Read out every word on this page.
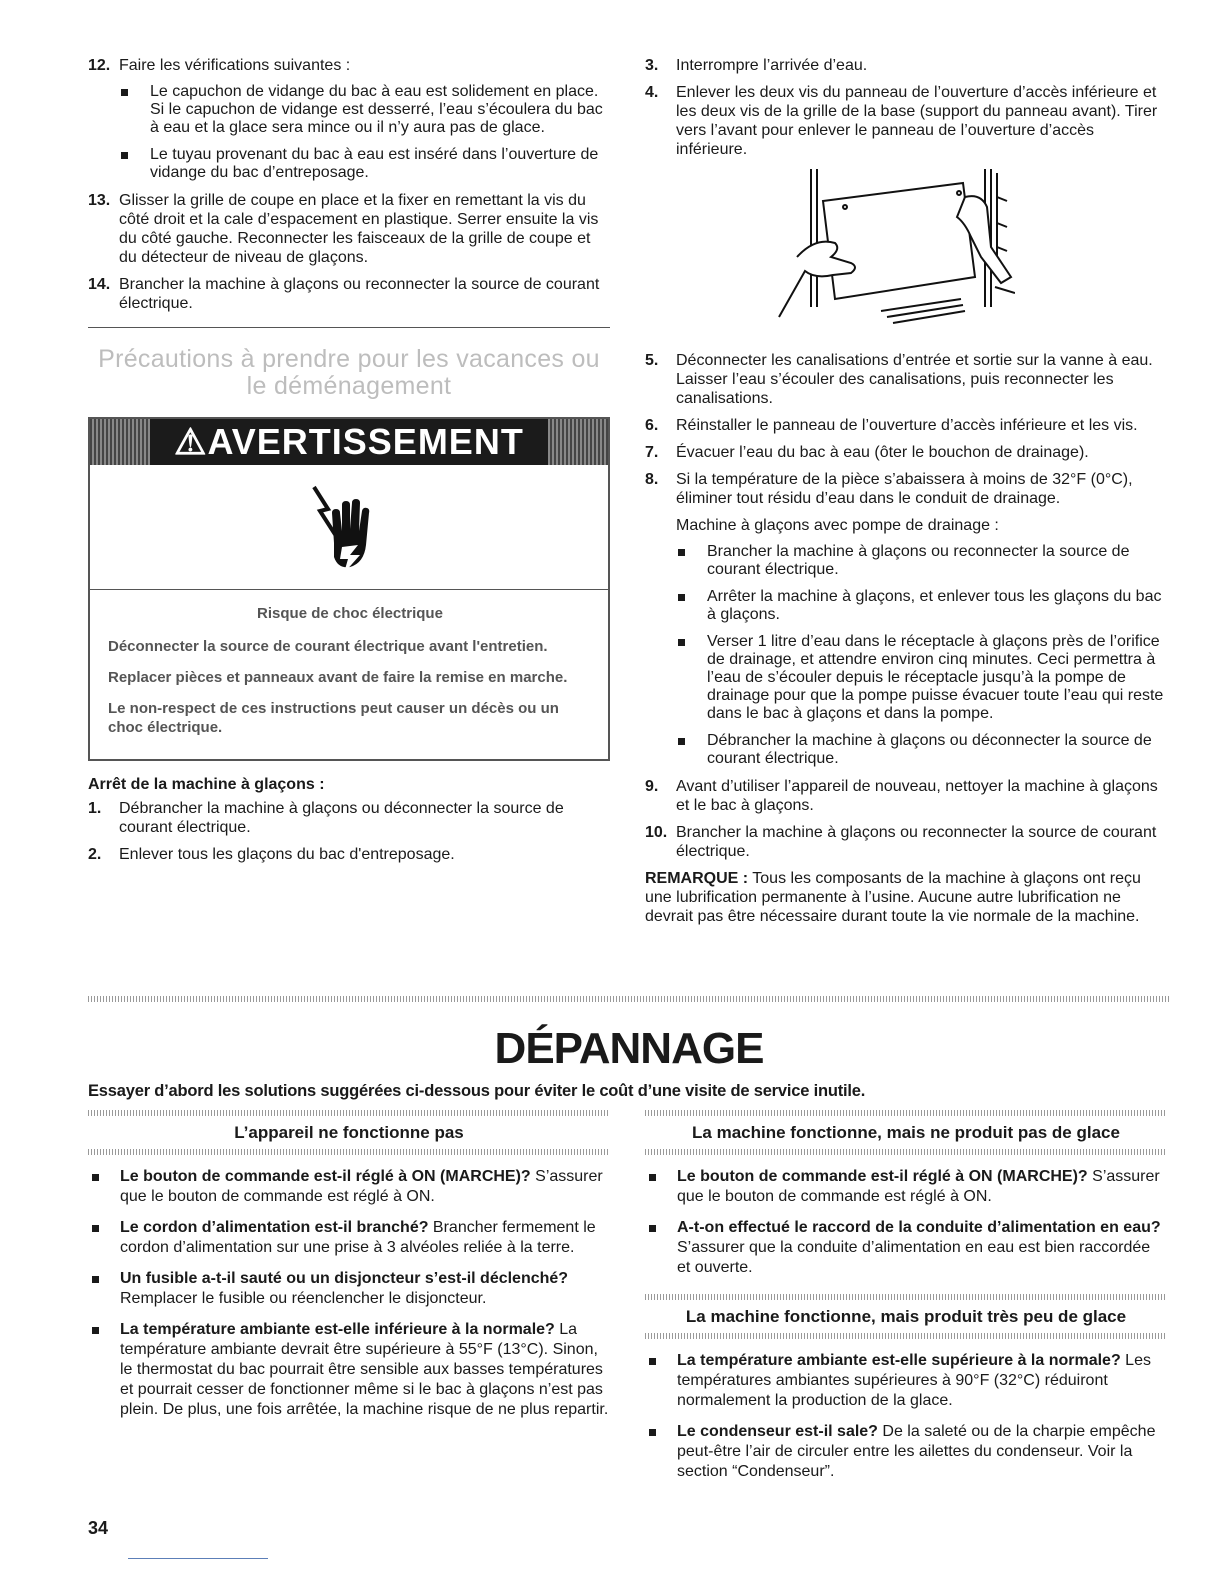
12. Faire les vérifications suivantes :
Le capuchon de vidange du bac à eau est solidement en place. Si le capuchon de vidange est desserré, l’eau s’écoulera du bac à eau et la glace sera mince ou il n’y aura pas de glace.
Le tuyau provenant du bac à eau est inséré dans l’ouverture de vidange du bac d’entreposage.
13. Glisser la grille de coupe en place et la fixer en remettant la vis du côté droit et la cale d’espacement en plastique. Serrer ensuite la vis du côté gauche. Reconnecter les faisceaux de la grille de coupe et du détecteur de niveau de glaçons.
14. Brancher la machine à glaçons ou reconnecter la source de courant électrique.
Précautions à prendre pour les vacances ou le déménagement
⚠AVERTISSEMENT
Risque de choc électrique
Déconnecter la source de courant électrique avant l'entretien.
Replacer pièces et panneaux avant de faire la remise en marche.
Le non-respect de ces instructions peut causer un décès ou un choc électrique.
Arrêt de la machine à glaçons :
1. Débrancher la machine à glaçons ou déconnecter la source de courant électrique.
2. Enlever tous les glaçons du bac d'entreposage.
3. Interrompre l’arrivée d’eau.
4. Enlever les deux vis du panneau de l’ouverture d’accès inférieure et les deux vis de la grille de la base (support du panneau avant). Tirer vers l’avant pour enlever le panneau de l’ouverture d’accès inférieure.
5. Déconnecter les canalisations d’entrée et sortie sur la vanne à eau. Laisser l’eau s’écouler des canalisations, puis reconnecter les canalisations.
6. Réinstaller le panneau de l’ouverture d’accès inférieure et les vis.
7. Évacuer l’eau du bac à eau (ôter le bouchon de drainage).
8. Si la température de la pièce s’abaissera à moins de 32°F (0°C), éliminer tout résidu d’eau dans le conduit de drainage.
Machine à glaçons avec pompe de drainage :
Brancher la machine à glaçons ou reconnecter la source de courant électrique.
Arrêter la machine à glaçons, et enlever tous les glaçons du bac à glaçons.
Verser 1 litre d’eau dans le réceptacle à glaçons près de l’orifice de drainage, et attendre environ cinq minutes. Ceci permettra à l’eau de s’écouler depuis le réceptacle jusqu’à la pompe de drainage pour que la pompe puisse évacuer toute l’eau qui reste dans le bac à glaçons et dans la pompe.
Débrancher la machine à glaçons ou déconnecter la source de courant électrique.
9. Avant d’utiliser l’appareil de nouveau, nettoyer la machine à glaçons et le bac à glaçons.
10. Brancher la machine à glaçons ou reconnecter la source de courant électrique.
REMARQUE : Tous les composants de la machine à glaçons ont reçu une lubrification permanente à l’usine. Aucune autre lubrification ne devrait pas être nécessaire durant toute la vie normale de la machine.
DÉPANNAGE
Essayer d’abord les solutions suggérées ci-dessous pour éviter le coût d’une visite de service inutile.
L’appareil ne fonctionne pas
Le bouton de commande est-il réglé à ON (MARCHE)? S’assurer que le bouton de commande est réglé à ON.
Le cordon d’alimentation est-il branché? Brancher fermement le cordon d’alimentation sur une prise à 3 alvéoles reliée à la terre.
Un fusible a-t-il sauté ou un disjoncteur s’est-il déclenché? Remplacer le fusible ou réenclencher le disjoncteur.
La température ambiante est-elle inférieure à la normale? La température ambiante devrait être supérieure à 55°F (13°C). Sinon, le thermostat du bac pourrait être sensible aux basses températures et pourrait cesser de fonctionner même si le bac à glaçons n’est pas plein. De plus, une fois arrêtée, la machine risque de ne plus repartir.
La machine fonctionne, mais ne produit pas de glace
Le bouton de commande est-il réglé à ON (MARCHE)? S’assurer que le bouton de commande est réglé à ON.
A-t-on effectué le raccord de la conduite d’alimentation en eau? S’assurer que la conduite d’alimentation en eau est bien raccordée et ouverte.
La machine fonctionne, mais produit très peu de glace
La température ambiante est-elle supérieure à la normale? Les températures ambiantes supérieures à 90°F (32°C) réduiront normalement la production de la glace.
Le condenseur est-il sale? De la saleté ou de la charpie empêche peut-être l’air de circuler entre les ailettes du condenseur. Voir la section “Condenseur”.
34
